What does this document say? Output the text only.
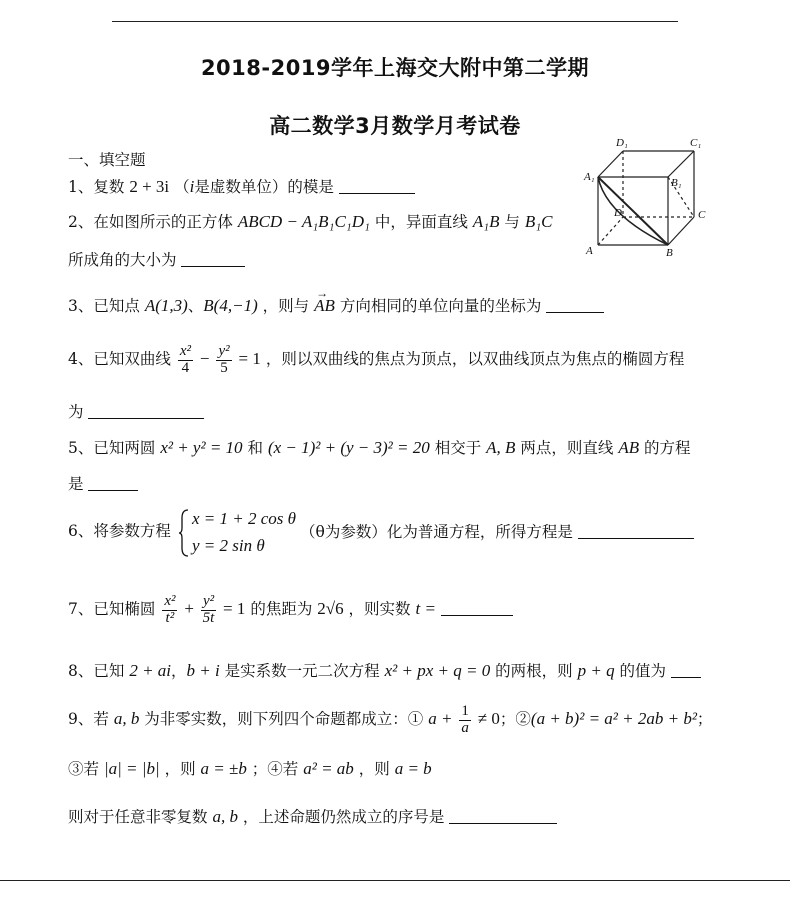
2018-2019学年上海交大附中第二学期
高二数学3月数学月考试卷
一、填空题
1、复数 2 + 3i （i是虚数单位）的模是
2、在如图所示的正方体 ABCD − A₁B₁C₁D₁ 中，异面直线 A₁B 与 B₁C
所成角的大小为
D₁	C₁
A₁	B₁
D	C
A	B
3、已知点 A(1,3)、B(4,−1) ，则与
→
AB 方向相同的单位向量的坐标为
4、已知双曲线 $\frac{\text{x²}}{4} - \frac{\text{y²}}{5} = 1$ ，则以双曲线的焦点为顶点，以双曲线顶点为焦点的椭圆方程
为
5、已知两圆 x² + y² = 10 和 (x − 1)² + (y − 3)² = 20 相交于 A, B 两点，则直线 AB 的方程
是
6、将参数方程
x = 1 + 2 cos θ
y = 2 sin θ
（θ为参数）化为普通方程，所得方程是
7、已知椭圆 $\frac{\text{x²}}{\text{t²}} + \frac{\text{y²}}{5t} = 1$ 的焦距为 2√6 ，则实数 t =
8、已知 2 + ai，b + i 是实系数一元二次方程 x² + px + q = 0 的两根，则 p + q 的值为
9、若 a, b 为非零实数，则下列四个命题都成立：① $a + \frac{1}{a} \ne 0$；②(a + b)² = a² + 2ab + b²；
③若 |a| = |b| ，则 a = ±b ；④若 a² = ab ，则 a = b
则对于任意非零复数 a, b ，上述命题仍然成立的序号是
